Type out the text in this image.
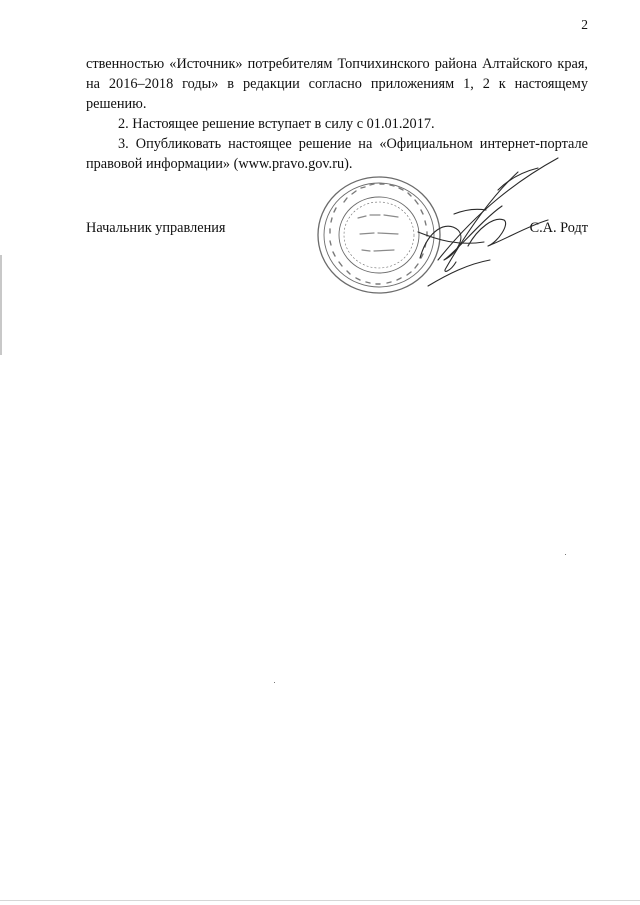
2

ственностью «Источник» потребителям Топчихинского района Алтайского края, на 2016–2018 годы» в редакции согласно приложениям 1, 2 к настоящему решению.

2. Настоящее решение вступает в силу с 01.01.2017.

3. Опубликовать настоящее решение на «Официальном интернет-портале правовой информации» (www.pravo.gov.ru).

Начальник управления	С.А. Родт
